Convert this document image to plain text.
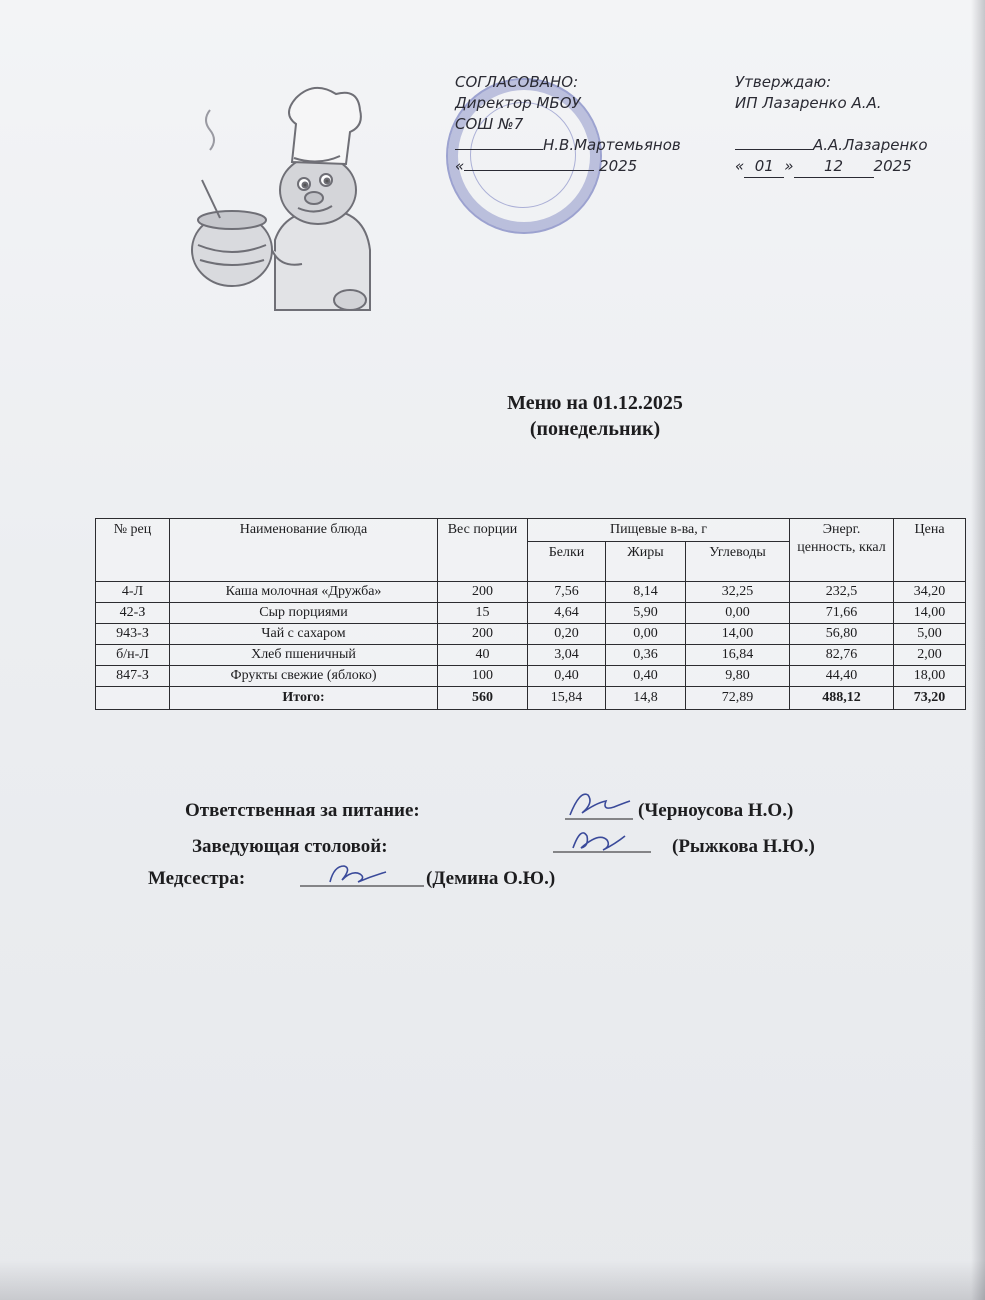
СОГЛАСОВАНО:
Директор МБОУ
СОШ №7
Н.В.Мартемьянов
«	2025
Утверждаю:
ИП Лазаренко А.А.
А.А.Лазаренко
« 01 » 12 2025
Меню на 01.12.2025
(понедельник)
№ рец	Наименование блюда	Вес порции	Пищевые в-ва, г			Энерг. ценность, ккал	Цена
			Белки	Жиры	Углеводы		
4-Л	Каша молочная «Дружба»	200	7,56	8,14	32,25	232,5	34,20
42-З	Сыр порциями	15	4,64	5,90	0,00	71,66	14,00
943-З	Чай с сахаром	200	0,20	0,00	14,00	56,80	5,00
б/н-Л	Хлеб пшеничный	40	3,04	0,36	16,84	82,76	2,00
847-З	Фрукты свежие (яблоко)	100	0,40	0,40	9,80	44,40	18,00
	Итого:	560	15,84	14,8	72,89	488,12	73,20
Ответственная за питание:	(Черноусова Н.О.)
Заведующая столовой:	(Рыжкова Н.Ю.)
Медсестра:	(Демина О.Ю.)
